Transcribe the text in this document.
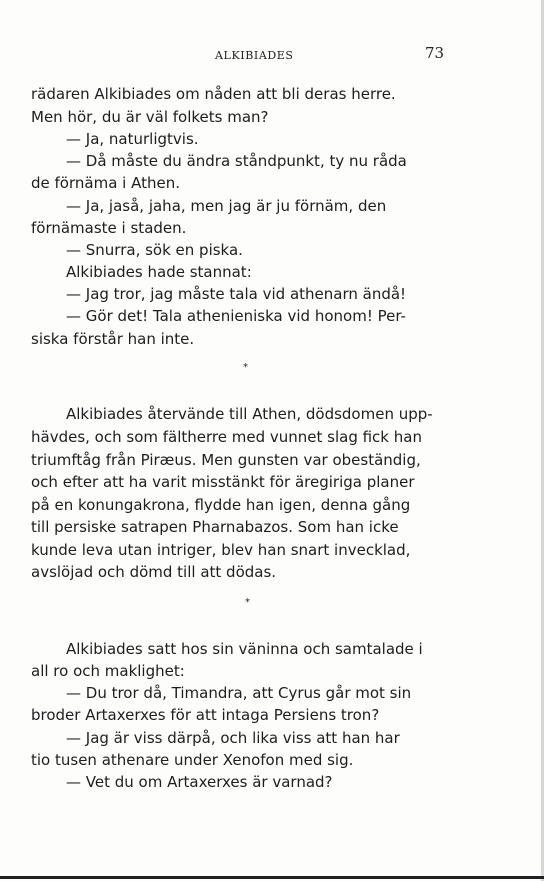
ALKIBIADES	73
rädaren Alkibiades om nåden att bli deras herre.
Men hör, du är väl folkets man?
— Ja, naturligtvis.
— Då måste du ändra ståndpunkt, ty nu råda
de förnäma i Athen.
— Ja, jaså, jaha, men jag är ju förnäm, den
förnämaste i staden.
— Snurra, sök en piska.
Alkibiades hade stannat:
— Jag tror, jag måste tala vid athenarn ändå!
— Gör det! Tala athenieniska vid honom! Per-
siska förstår han inte.
*
Alkibiades återvände till Athen, dödsdomen upp-
hävdes, och som fältherre med vunnet slag fick han
triumftåg från Piræus. Men gunsten var obeständig,
och efter att ha varit misstänkt för äregiriga planer
på en konungakrona, flydde han igen, denna gång
till persiske satrapen Pharnabazos. Som han icke
kunde leva utan intriger, blev han snart invecklad,
avslöjad och dömd till att dödas.
*
Alkibiades satt hos sin väninna och samtalade i
all ro och maklighet:
— Du tror då, Timandra, att Cyrus går mot sin
broder Artaxerxes för att intaga Persiens tron?
— Jag är viss därpå, och lika viss att han har
tio tusen athenare under Xenofon med sig.
— Vet du om Artaxerxes är varnad?
